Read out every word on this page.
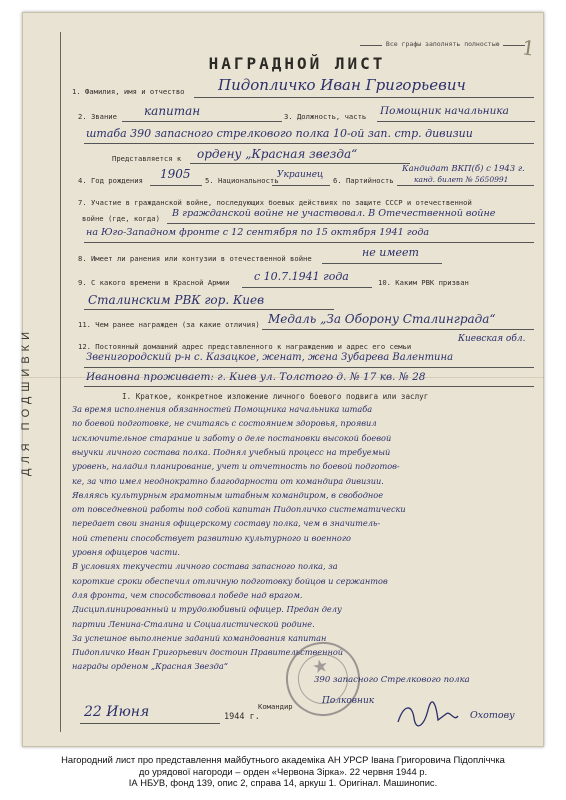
ДЛЯ ПОДШИВКИ
Все графы заполнять полностью	1
НАГРАДНОЙ ЛИСТ
1. Фамилия, имя и отчество Пидопличко Иван Григорьевич
2. Звание капитан	3. Должность, часть Помощник начальника
штаба 390 запасного стрелкового полка 10-ой зап. стр. дивизии
Представляется к ордену „Красная звезда“
4. Год рождения 1905 5. Национальность
Украинец
6. Партийность
Кандидат ВКП(б) с 1943 г.
канд. билет № 5650991
7. Участие в гражданской войне, последующих боевых действиях по защите СССР и отечественной
войне (где, когда) В гражданской войне не участвовал. В Отечественной войне
на Юго-Западном фронте с 12 сентября по 15 октября 1941 года
8. Имеет ли ранения или контузии в отечественной войне	не имеет
9. С какого времени в Красной Армии с 10.7.1941 года	10. Каким РВК призван
Сталинским РВК гор. Киев
11. Чем ранее награжден (за какие отличия) Медаль „За Оборону Сталинграда“
12. Постоянный домашний адрес представленного к награждению и адрес его семьи
Киевская обл.
Звенигородский р-н с. Казацкое, женат, жена Зубарева Валентина
Ивановна проживает: г. Киев ул. Толстого д. № 17 кв. № 28
I. Краткое, конкретное изложение личного боевого подвига или заслуг
За время исполнения обязанностей Помощника начальника штаба
по боевой подготовке, не считаясь с состоянием здоровья, проявил
исключительное старание и заботу о деле постановки высокой боевой
выучки личного состава полка. Поднял учебный процесс на требуемый
уровень, наладил планирование, учет и отчетность по боевой подготов-
ке, за что имел неоднократно благодарности от командира дивизии.
Являясь культурным грамотным штабным командиром, в свободное
от повседневной работы под собой капитан Пидопличко систематически
передает свои знания офицерскому составу полка, чем в значитель-
ной степени способствует развитию культурного и военного
уровня офицеров части.
В условиях текучести личного состава запасного полка, за
короткие сроки обеспечил отличную подготовку бойцов и сержантов
для фронта, чем способствовал победе над врагом.
Дисциплинированный и трудолюбивый офицер. Предан делу
партии Ленина-Сталина и Социалистической родине.
За успешное выполнение заданий командования капитан
Пидопличко Иван Григорьевич достоин Правительственной
награды орденом „Красная Звезда“	★
22 Июня	1944 г.
Командир
390 запасного Стрелкового полка
Полковник
Охотову
Нагородний лист про представлення майбутнього академіка АН УРСР Івана Григоровича Підопліччка
до урядової нагороди – орден «Червона Зірка». 22 червня 1944 р.
ІА НБУВ, фонд 139, опис 2, справа 14, аркуш 1. Оригінал. Машинопис.
